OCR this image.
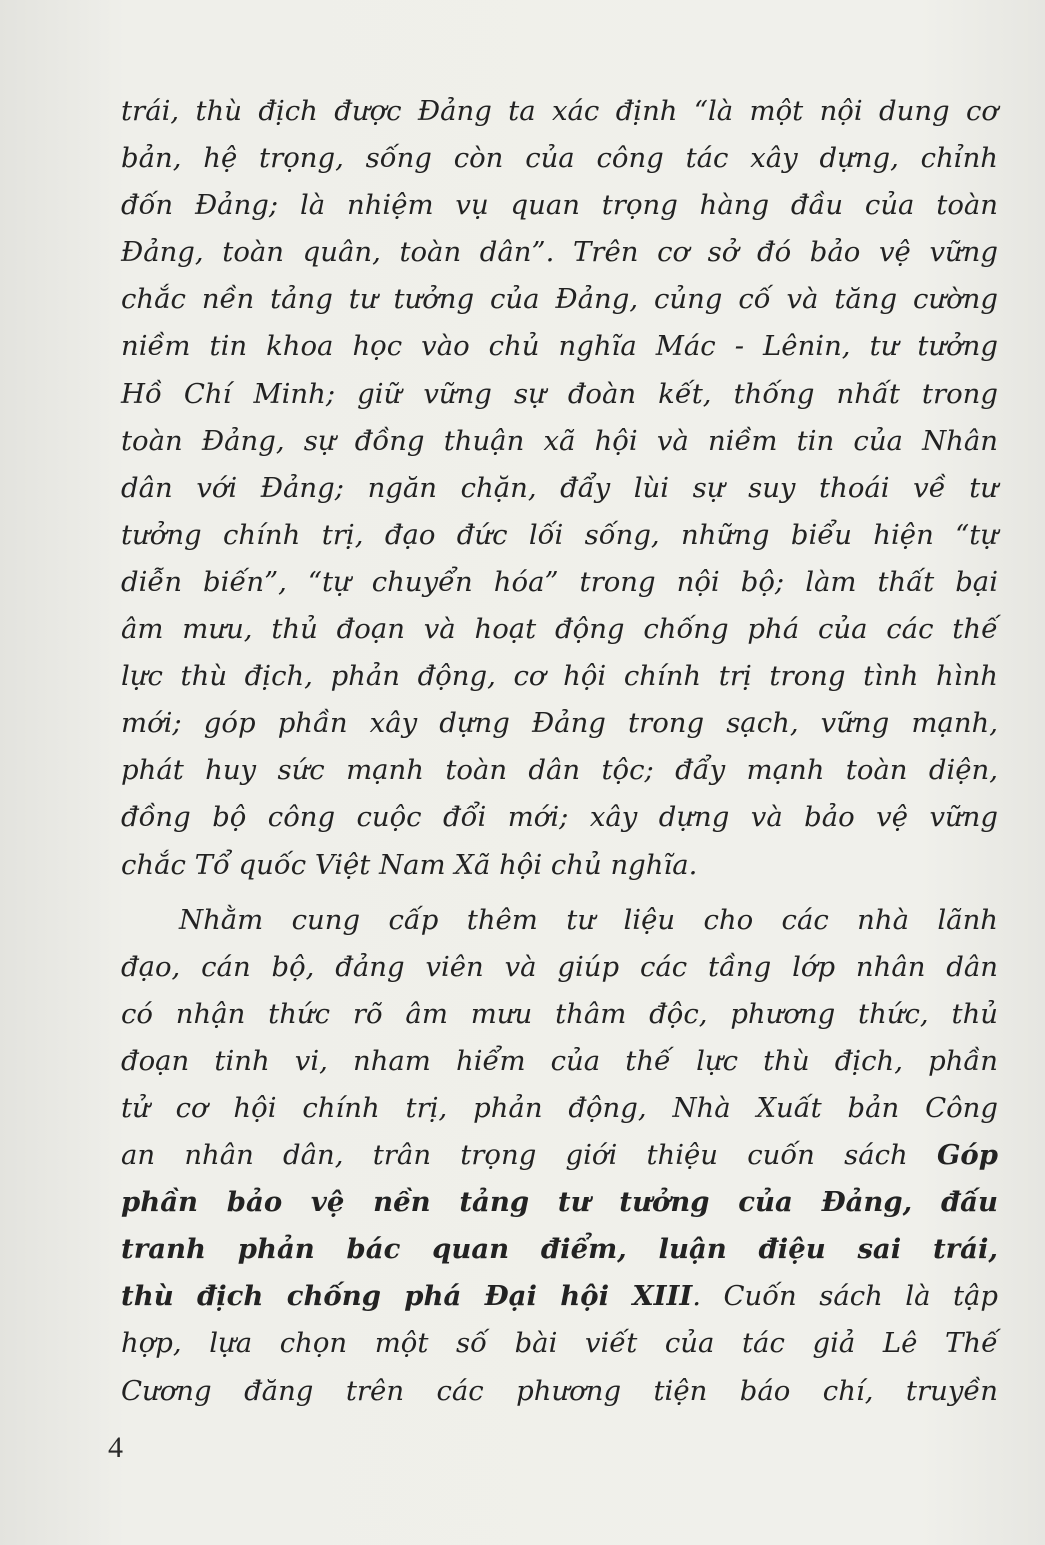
trái, thù địch được Đảng ta xác định “là một nội dung cơ
bản, hệ trọng, sống còn của công tác xây dựng, chỉnh
đốn Đảng; là nhiệm vụ quan trọng hàng đầu của toàn
Đảng, toàn quân, toàn dân”. Trên cơ sở đó bảo vệ vững
chắc nền tảng tư tưởng của Đảng, củng cố và tăng cường
niềm tin khoa học vào chủ nghĩa Mác - Lênin, tư tưởng
Hồ Chí Minh; giữ vững sự đoàn kết, thống nhất trong
toàn Đảng, sự đồng thuận xã hội và niềm tin của Nhân
dân với Đảng; ngăn chặn, đẩy lùi sự suy thoái về tư
tưởng chính trị, đạo đức lối sống, những biểu hiện “tự
diễn biến”, “tự chuyển hóa” trong nội bộ; làm thất bại
âm mưu, thủ đoạn và hoạt động chống phá của các thế
lực thù địch, phản động, cơ hội chính trị trong tình hình
mới; góp phần xây dựng Đảng trong sạch, vững mạnh,
phát huy sức mạnh toàn dân tộc; đẩy mạnh toàn diện,
đồng bộ công cuộc đổi mới; xây dựng và bảo vệ vững
chắc Tổ quốc Việt Nam Xã hội chủ nghĩa.
Nhằm cung cấp thêm tư liệu cho các nhà lãnh
đạo, cán bộ, đảng viên và giúp các tầng lớp nhân dân
có nhận thức rõ âm mưu thâm độc, phương thức, thủ
đoạn tinh vi, nham hiểm của thế lực thù địch, phần
tử cơ hội chính trị, phản động, Nhà Xuất bản Công
an nhân dân, trân trọng giới thiệu cuốn sách Góp
phần bảo vệ nền tảng tư tưởng của Đảng, đấu
tranh phản bác quan điểm, luận điệu sai trái,
thù địch chống phá Đại hội XIII. Cuốn sách là tập
hợp, lựa chọn một số bài viết của tác giả Lê Thế
Cương đăng trên các phương tiện báo chí, truyền
4
